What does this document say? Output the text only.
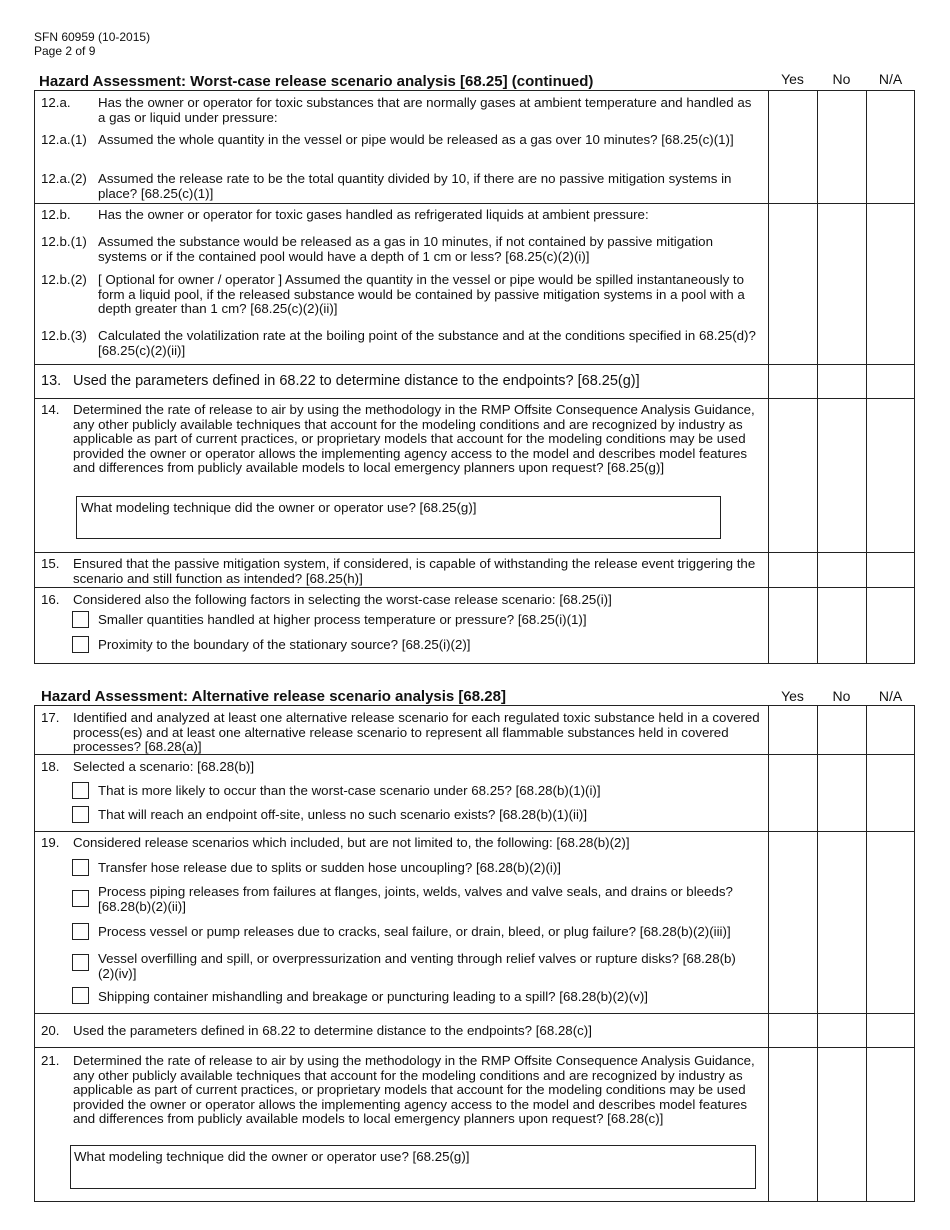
SFN 60959 (10-2015)
Page 2 of 9
Hazard Assessment: Worst-case release scenario analysis [68.25] (continued)	Yes	No	N/A
12.a. Has the owner or operator for toxic substances that are normally gases at ambient temperature and handled as a gas or liquid under pressure:
12.a.(1) Assumed the whole quantity in the vessel or pipe would be released as a gas over 10 minutes? [68.25(c)(1)]
12.a.(2) Assumed the release rate to be the total quantity divided by 10, if there are no passive mitigation systems in place? [68.25(c)(1)]
12.b. Has the owner or operator for toxic gases handled as refrigerated liquids at ambient pressure:
12.b.(1) Assumed the substance would be released as a gas in 10 minutes, if not contained by passive mitigation systems or if the contained pool would have a depth of 1 cm or less? [68.25(c)(2)(i)]
12.b.(2) [ Optional for owner / operator ] Assumed the quantity in the vessel or pipe would be spilled instantaneously to form a liquid pool, if the released substance would be contained by passive mitigation systems in a pool with a depth greater than 1 cm? [68.25(c)(2)(ii)]
12.b.(3) Calculated the volatilization rate at the boiling point of the substance and at the conditions specified in 68.25(d)? [68.25(c)(2)(ii)]
13. Used the parameters defined in 68.22 to determine distance to the endpoints? [68.25(g)]
14. Determined the rate of release to air by using the methodology in the RMP Offsite Consequence Analysis Guidance, any other publicly available techniques that account for the modeling conditions and are recognized by industry as applicable as part of current practices, or proprietary models that account for the modeling conditions may be used provided the owner or operator allows the implementing agency access to the model and describes model features and differences from publicly available models to local emergency planners upon request? [68.25(g)]
What modeling technique did the owner or operator use? [68.25(g)]
15. Ensured that the passive mitigation system, if considered, is capable of withstanding the release event triggering the scenario and still function as intended? [68.25(h)]
16. Considered also the following factors in selecting the worst-case release scenario: [68.25(i)]
Smaller quantities handled at higher process temperature or pressure? [68.25(i)(1)]
Proximity to the boundary of the stationary source? [68.25(i)(2)]
Hazard Assessment: Alternative release scenario analysis [68.28]	Yes	No	N/A
17. Identified and analyzed at least one alternative release scenario for each regulated toxic substance held in a covered process(es) and at least one alternative release scenario to represent all flammable substances held in covered processes? [68.28(a)]
18. Selected a scenario: [68.28(b)]
That is more likely to occur than the worst-case scenario under 68.25? [68.28(b)(1)(i)]
That will reach an endpoint off-site, unless no such scenario exists? [68.28(b)(1)(ii)]
19. Considered release scenarios which included, but are not limited to, the following: [68.28(b)(2)]
Transfer hose release due to splits or sudden hose uncoupling? [68.28(b)(2)(i)]
Process piping releases from failures at flanges, joints, welds, valves and valve seals, and drains or bleeds? [68.28(b)(2)(ii)]
Process vessel or pump releases due to cracks, seal failure, or drain, bleed, or plug failure? [68.28(b)(2)(iii)]
Vessel overfilling and spill, or overpressurization and venting through relief valves or rupture disks? [68.28(b)(2)(iv)]
Shipping container mishandling and breakage or puncturing leading to a spill? [68.28(b)(2)(v)]
20. Used the parameters defined in 68.22 to determine distance to the endpoints? [68.28(c)]
21. Determined the rate of release to air by using the methodology in the RMP Offsite Consequence Analysis Guidance, any other publicly available techniques that account for the modeling conditions and are recognized by industry as applicable as part of current practices, or proprietary models that account for the modeling conditions may be used provided the owner or operator allows the implementing agency access to the model and describes model features and differences from publicly available models to local emergency planners upon request? [68.28(c)]
What modeling technique did the owner or operator use? [68.25(g)]
